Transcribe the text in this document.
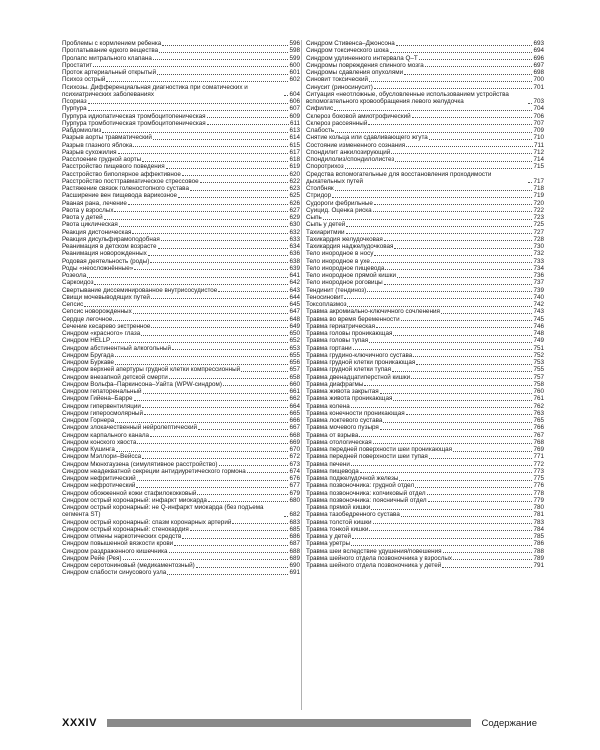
Проблемы с кормлением ребенка	596
Проглатывание едкого вещества	598
Пролапс митрального клапана	599
Простатит	600
Проток артериальный открытый	601
Психоз острый	602
Психозы. Дифференциальная диагностика при соматических и психиатрических заболеваниях	604
Псориаз	606
Пурпура	607
Пурпура идиопатическая тромбоцитопеническая	609
Пурпура тромботическая тромбоцитопеническая	611
Рабдомиолиз	613
Разрыв аорты травматический	614
Разрыв глазного яблока	615
Разрыв сухожилия	617
Расслоение грудной аорты	618
Расстройство пищевого поведения	619
Расстройство биполярное аффективное	620
Расстройство посттравматическое стрессовое	622
Растяжение связок голеностопного сустава	623
Расширение вен пищевода варикозное	625
Рваная рана, лечение	626
Рвота у взрослых	627
Рвота у детей	629
Рвота циклическая	630
Реакция дистоническая	632
Реакция дисульфирамоподобная	633
Реанимация в детском возрасте	634
Реанимация новорожденных	636
Родовая деятельность (роды)	638
Роды «неосложнённые»	639
Розеола	641
Саркоидоз	642
Свертывание диссеминированное внутрисосудистое	643
Свищи мочевыводящих путей	644
Сепсис	645
Сепсис новорожденных	647
Сердце легочное	648
Сечение кесарево экстренное	649
Синдром «красного» глаза	650
Синдром HELLP	652
Синдром абстинентный алкогольный	653
Синдром Бругада	655
Синдром Буркаве	656
Синдром верхней апертуры грудной клетки компрессионный	657
Синдром внезапной детской смерти	658
Синдром Вольфа–Паркинсона–Уайта (WPW-синдром)	660
Синдром гепаторенальный	661
Синдром Гийена–Барре	662
Синдром гипервентиляции	664
Синдром гиперосмолярный	665
Синдром Горнера	666
Синдром злокачественный нейролептический	667
Синдром карпального канала	668
Синдром конского хвоста	669
Синдром Кушинга	670
Синдром Мэллори–Вейсса	672
Синдром Мюнхгаузена (симулятивное расстройство)	673
Синдром неадекватной секреции антидиуретического гормона	674
Синдром нефритический	676
Синдром нефротический	677
Синдром обожженной кожи стафилококковый	679
Синдром острый коронарный: инфаркт миокарда	680
Синдром острый коронарный: не Q-инфаркт миокарда (без подъема сегмента ST)	682
Синдром острый коронарный: спазм коронарных артерий	683
Синдром острый коронарный: стенокардия	685
Синдром отмены наркотических средств	686
Синдром повышенной вязкости крови	687
Синдром раздраженного кишечника	688
Синдром Рейе (Рея)	689
Синдром серотониновый (медикаментозный)	690
Синдром слабости синусового узла	691
Синдром Стивенса–Джонсона	693
Синдром токсического шока	694
Синдром удлиненного интервала Q–T	696
Синдромы повреждения спинного мозга	697
Синдромы сдавления опухолями	698
Синовит токсический	700
Синусит (риносинусит)	701
Ситуация «неотложные, обусловленные использованием устройства вспомогательного кровообращения левого желудочка	703
Сифилис	704
Склероз боковой амиотрофический	706
Склероз рассеянный	707
Слабость	709
Снятие кольца или сдавливающего жгута	710
Состояние измененного сознания	711
Спондилит анкилозирующий	712
Спондилолиз/спондилолистез	714
Споротрихоз	715
Средства вспомогательные для восстановления проходимости дыхательных путей	717
Столбняк	718
Стридор	719
Судороги фебрильные	720
Суицид. Оценка риска	722
Сыпь	723
Сыпь у детей	725
Тахиаритмии	727
Тахикардия желудочковая	728
Тахикардия наджелудочковая	730
Тело инородное в носу	732
Тело инородное в ухе	733
Тело инородное пищевода	734
Тело инородное прямой кишки	736
Тело инородное роговицы	737
Тендинит (тендиноз)	739
Теносиновит	740
Токсоплазмоз	742
Травма акромиально-ключичного сочленения	743
Травма во время беременности	745
Травма гериатрическая	746
Травма головы проникающая	748
Травма головы тупая	749
Травма гортани	751
Травма грудино-ключичного сустава	752
Травма грудной клетки проникающая	753
Травма грудной клетки тупая	755
Травма двенадцатиперстной кишки	757
Травма диафрагмы	758
Травма живота закрытая	760
Травма живота проникающая	761
Травма колена	762
Травма конечности проникающая	763
Травма локтевого сустава	765
Травма мочевого пузыря	766
Травма от взрыва	767
Травма отологическая	768
Травма передней поверхности шеи проникающая	769
Травма передней поверхности шеи тупая	771
Травма печени	772
Травма пищевода	773
Травма поджелудочной железы	775
Травма позвоночника: грудной отдел	776
Травма позвоночника: копчиковый отдел	778
Травма позвоночника: поясничный отдел	779
Травма прямой кишки	780
Травма тазобедренного сустава	781
Травма толстой кишки	783
Травма тонкой кишки	784
Травма у детей	785
Травма уретры	786
Травма шеи вследствие удушения/повешения	788
Травма шейного отдела позвоночника у взрослых	789
Травма шейного отдела позвоночника у детей	791
XXXIV	Содержание
